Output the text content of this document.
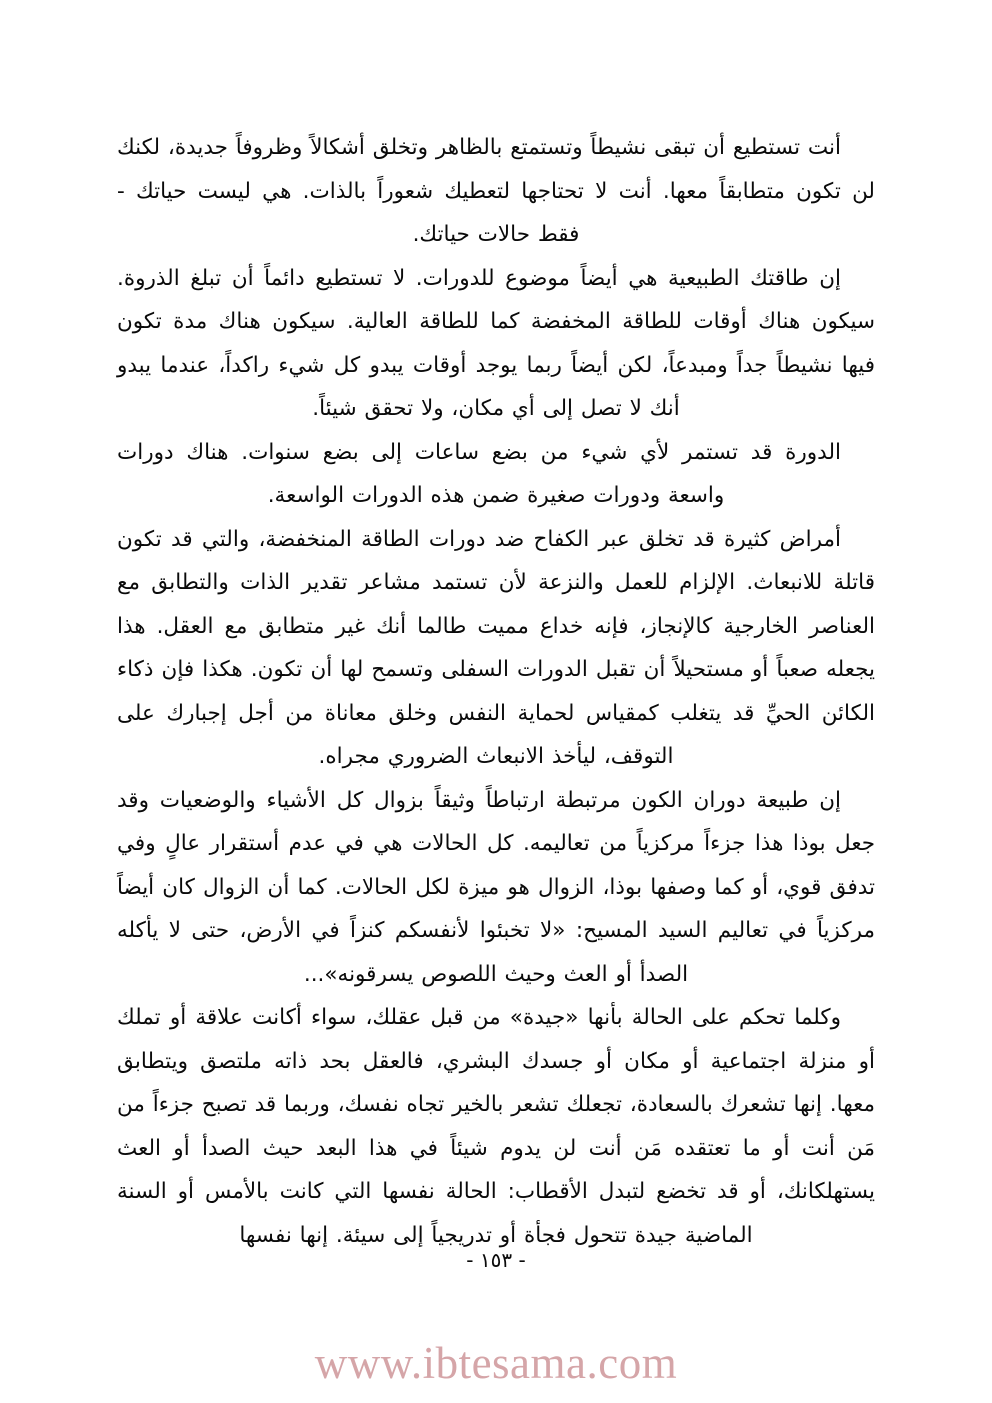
أنت تستطيع أن تبقى نشيطاً وتستمتع بالظاهر وتخلق أشكالاً وظروفاً جديدة، لكنك لن تكون متطابقاً معها. أنت لا تحتاجها لتعطيك شعوراً بالذات. هي ليست حياتك - فقط حالات حياتك.

إن طاقتك الطبيعية هي أيضاً موضوع للدورات. لا تستطيع دائماً أن تبلغ الذروة. سيكون هناك أوقات للطاقة المخفضة كما للطاقة العالية. سيكون هناك مدة تكون فيها نشيطاً جداً ومبدعاً، لكن أيضاً ربما يوجد أوقات يبدو كل شيء راكداً، عندما يبدو أنك لا تصل إلى أي مكان، ولا تحقق شيئاً.

الدورة قد تستمر لأي شيء من بضع ساعات إلى بضع سنوات. هناك دورات واسعة ودورات صغيرة ضمن هذه الدورات الواسعة.

أمراض كثيرة قد تخلق عبر الكفاح ضد دورات الطاقة المنخفضة، والتي قد تكون قاتلة للانبعاث. الإلزام للعمل والنزعة لأن تستمد مشاعر تقدير الذات والتطابق مع العناصر الخارجية كالإنجاز، فإنه خداع مميت طالما أنك غير متطابق مع العقل. هذا يجعله صعباً أو مستحيلاً أن تقبل الدورات السفلى وتسمح لها أن تكون. هكذا فإن ذكاء الكائن الحيِّ قد يتغلب كمقياس لحماية النفس وخلق معاناة من أجل إجبارك على التوقف، ليأخذ الانبعاث الضروري مجراه.

إن طبيعة دوران الكون مرتبطة ارتباطاً وثيقاً بزوال كل الأشياء والوضعيات وقد جعل بوذا هذا جزءاً مركزياً من تعاليمه. كل الحالات هي في عدم أستقرار عالٍ وفي تدفق قوي، أو كما وصفها بوذا، الزوال هو ميزة لكل الحالات. كما أن الزوال كان أيضاً مركزياً في تعاليم السيد المسيح: «لا تخبئوا لأنفسكم كنزاً في الأرض، حتى لا يأكله الصدأ أو العث وحيث اللصوص يسرقونه»...

وكلما تحكم على الحالة بأنها «جيدة» من قبل عقلك، سواء أكانت علاقة أو تملك أو منزلة اجتماعية أو مكان أو جسدك البشري، فالعقل بحد ذاته ملتصق ويتطابق معها. إنها تشعرك بالسعادة، تجعلك تشعر بالخير تجاه نفسك، وربما قد تصبح جزءاً من مَن أنت أو ما تعتقده مَن أنت لن يدوم شيئاً في هذا البعد حيث الصدأ أو العث يستهلكانك، أو قد تخضع لتبدل الأقطاب: الحالة نفسها التي كانت بالأمس أو السنة الماضية جيدة تتحول فجأة أو تدريجياً إلى سيئة. إنها نفسها

- ١٥٣ -
www.ibtesama.com
